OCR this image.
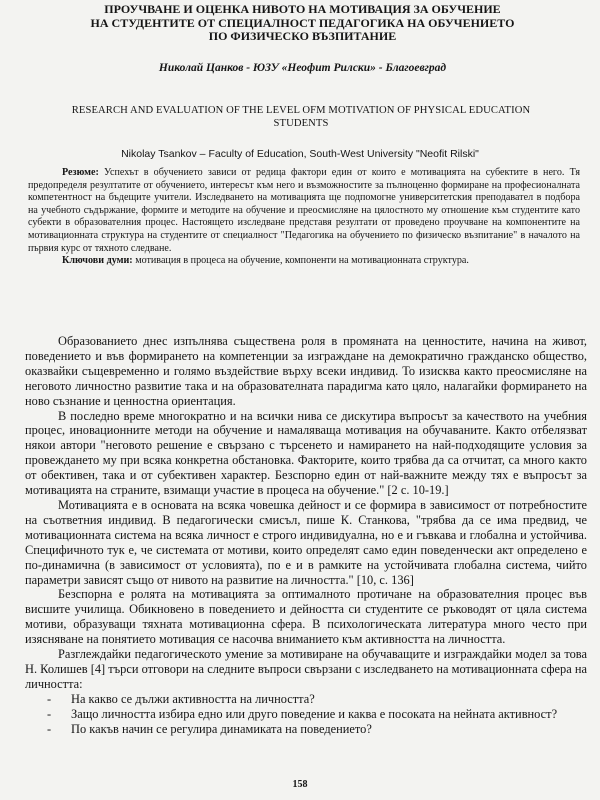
ПРОУЧВАНЕ И ОЦЕНКА НИВОТО НА МОТИВАЦИЯ ЗА ОБУЧЕНИЕ
НА СТУДЕНТИТЕ ОТ СПЕЦИАЛНОСТ ПЕДАГОГИКА НА ОБУЧЕНИЕТО
ПО ФИЗИЧЕСКО ВЪЗПИТАНИЕ
Николай Цанков - ЮЗУ «Неофит Рилски» - Благоевград
RESEARCH AND EVALUATION OF THE LEVEL OFM MOTIVATION OF PHYSICAL EDUCATION
STUDENTS
Nikolay Tsankov – Faculty of Education, South-West University "Neofit Rilski"

Резюме: Успехът в обучението зависи от редица фактори един от които е мотивацията на субектите в него. Тя предопределя резултатите от обучението, интересът към него и възможностите за пълноценно формиране на професионалната компетентност на бъдещите учители. Изследването на мотивацията ще подпомогне университетския преподавател в подбора на учебното съдържание, формите и методите на обучение и преосмисляне на цялостното му отношение към студентите като субекти в образователния процес. Настоящето изследване представя резултати от проведено проучване на компонентите на мотивационната структура на студентите от специалност "Педагогика на обучението по физическо възпитание" в началото на първия курс от тяхното следване.

Ключови думи: мотивация в процеса на обучение, компоненти на мотивационната структура.

Образованието днес изпълнява съществена роля в промяната на ценностите, начина на живот, поведението и във формирането на компетенции за изграждане на демократично гражданско общество, оказвайки същевременно и голямо въздействие върху всеки индивид. То изисква както преосмисляне на неговото личностно развитие така и на образователната парадигма като цяло, налагайки формирането на ново съзнание и ценностна ориентация.

В последно време многократно и на всички нива се дискутира въпросът за качеството на учебния процес, иновационните методи на обучение и намаляваща мотивация на обучаваните. Както отбелязват някои автори "неговото решение е свързано с търсенето и намирането на най-подходящите условия за провеждането му при всяка конкретна обстановка. Факторите, които трябва да са отчитат, са много както от обективен, така и от субективен характер. Безспорно един от най-важните между тях е въпросът за мотивацията на страните, взимащи участие в процеса на обучение." [2 с. 10-19.]

Мотивацията е в основата на всяка човешка дейност и се формира в зависимост от потребностите на съответния индивид. В педагогически смисъл, пише К. Станкова, "трябва да се има предвид, че мотивационната система на всяка личност е строго индивидуална, но е и гъвкава и глобална и устойчива. Специфичното тук е, че системата от мотиви, които определят само един поведенчески акт определено е по-динамична (в зависимост от условията), по е и в рамките на устойчивата глобална система, чийто параметри зависят също от нивото на развитие на личността." [10, с. 136]

Безспорна е ролята на мотивацията за оптималното протичане на образователния процес във висшите училища. Обикновено в поведението и дейността си студентите се ръководят от цяла система мотиви, образуващи тяхната мотивационна сфера. В психологическата литература много често при изясняване на понятието мотивация се насочва вниманието към активността на личността.

Разглеждайки педагогическото умение за мотивиране на обучаващите и изграждайки модел за това Н. Колишев [4] търси отговори на следните въпроси свързани с изследването на мотивационната сфера на личността:

- На какво се дължи активността на личността?
- Защо личността избира едно или друго поведение и каква е посоката на нейната активност?
- По какъв начин се регулира динамиката на поведението?
158
